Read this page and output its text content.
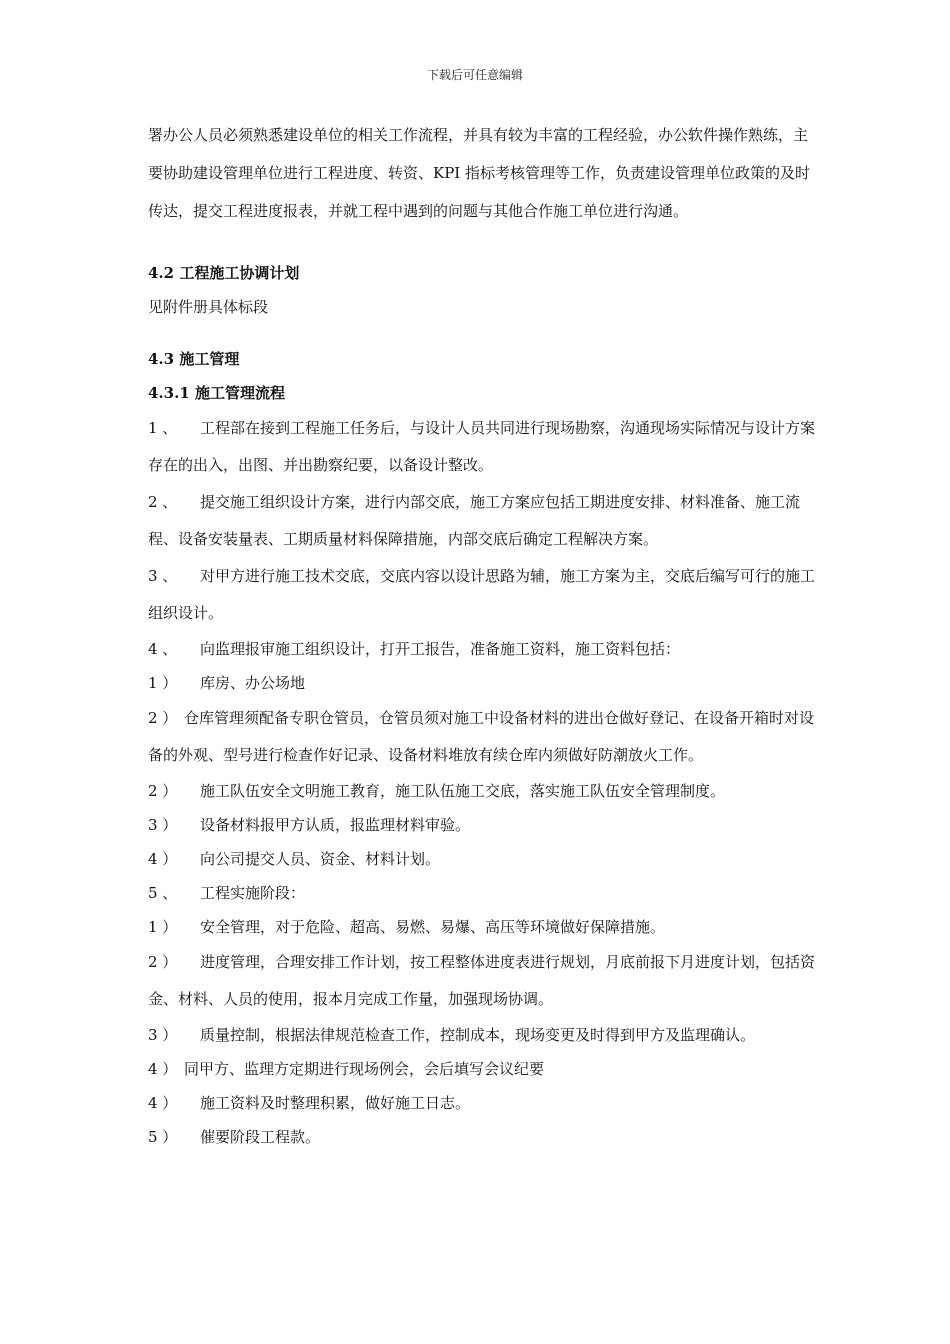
下载后可任意编辑

署办公人员必须熟悉建设单位的相关工作流程，并具有较为丰富的工程经验，办公软件操作熟练，主要协助建设管理单位进行工程进度、转资、KPI 指标考核管理等工作，负责建设管理单位政策的及时传达，提交工程进度报表，并就工程中遇到的问题与其他合作施工单位进行沟通。

4.2 工程施工协调计划

见附件册具体标段

4.3 施工管理

4.3.1 施工管理流程

1 、 工程部在接到工程施工任务后，与设计人员共同进行现场勘察，沟通现场实际情况与设计方案存在的出入，出图、并出勘察纪要，以备设计整改。

2 、 提交施工组织设计方案，进行内部交底，施工方案应包括工期进度安排、材料准备、施工流程、设备安装量表、工期质量材料保障措施，内部交底后确定工程解决方案。

3 、 对甲方进行施工技术交底，交底内容以设计思路为辅，施工方案为主，交底后编写可行的施工组织设计。

4 、 向监理报审施工组织设计，打开工报告，准备施工资料，施工资料包括：

1 ） 库房、办公场地

2 ） 仓库管理须配备专职仓管员，仓管员须对施工中设备材料的进出仓做好登记、在设备开箱时对设备的外观、型号进行检查作好记录、设备材料堆放有续仓库内须做好防潮放火工作。

2 ） 施工队伍安全文明施工教育，施工队伍施工交底，落实施工队伍安全管理制度。

3 ） 设备材料报甲方认质，报监理材料审验。

4 ） 向公司提交人员、资金、材料计划。

5 、 工程实施阶段：

1 ） 安全管理，对于危险、超高、易燃、易爆、高压等环境做好保障措施。

2 ） 进度管理，合理安排工作计划，按工程整体进度表进行规划，月底前报下月进度计划，包括资金、材料、人员的使用，报本月完成工作量，加强现场协调。

3 ） 质量控制，根据法律规范检查工作，控制成本，现场变更及时得到甲方及监理确认。

4 ） 同甲方、监理方定期进行现场例会，会后填写会议纪要

4 ） 施工资料及时整理积累，做好施工日志。

5 ） 催要阶段工程款。
